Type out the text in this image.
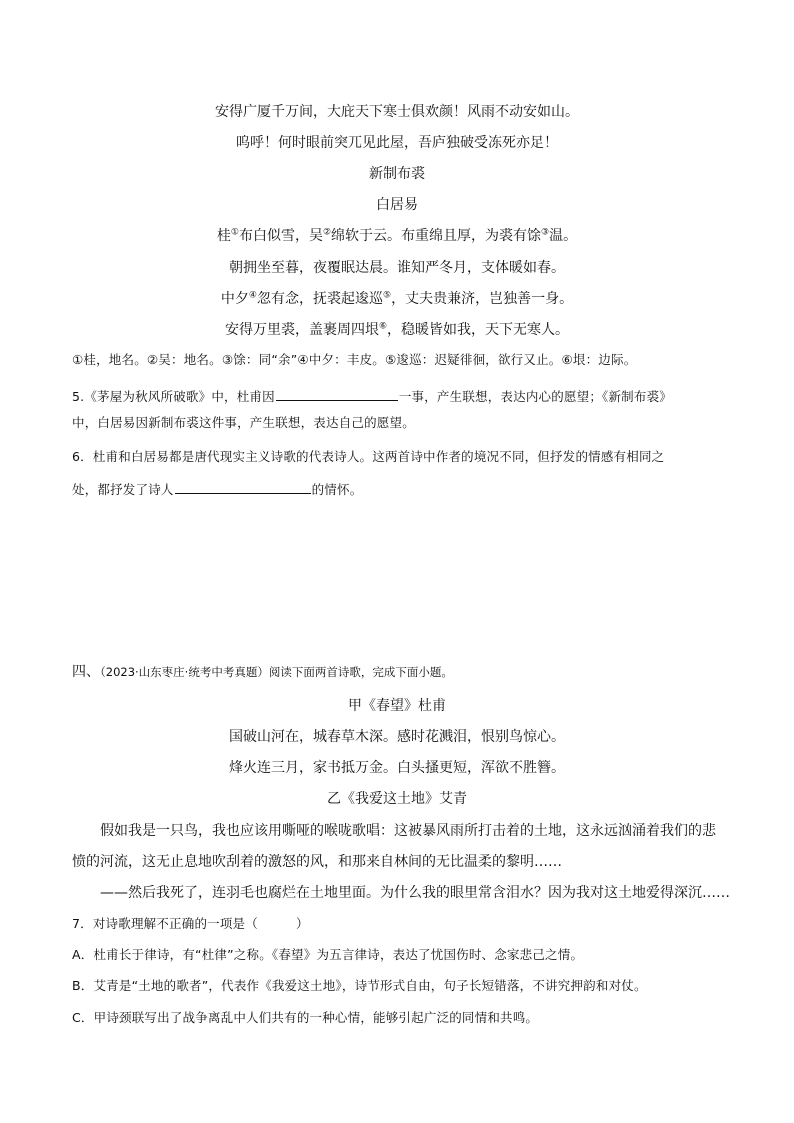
安得广厦千万间，大庇天下寒士俱欢颜！风雨不动安如山。
呜呼！何时眼前突兀见此屋，吾庐独破受冻死亦足！
新制布裘
白居易
桂①布白似雪，吴②绵软于云。布重绵且厚，为裘有馀③温。
朝拥坐至暮，夜覆眠达晨。谁知严冬月，支体暖如春。
中夕④忽有念，抚裘起逡巡⑤，丈夫贵兼济，岂独善一身。
安得万里裘，盖裹周四垠⑥，稳暖皆如我，天下无寒人。
①桂，地名。②吴：地名。③馀：同“余”④中夕：丰皮。⑤逡巡：迟疑徘徊，欲行又止。⑥垠：边际。
5.《茅屋为秋风所破歌》中，杜甫因	一事，产生联想，表达内心的愿望；《新制布裘》
中，白居易因新制布裘这件事，产生联想，表达自己的愿望。
6．杜甫和白居易都是唐代现实主义诗歌的代表诗人。这两首诗中作者的境况不同，但抒发的情感有相同之
处，都抒发了诗人	的情怀。
四、（2023·山东枣庄·统考中考真题）阅读下面两首诗歌，完成下面小题。
甲《春望》杜甫
国破山河在，城春草木深。感时花溅泪，恨别鸟惊心。
烽火连三月，家书抵万金。白头搔更短，浑欲不胜簪。
乙《我爱这土地》艾青
假如我是一只鸟，我也应该用嘶哑的喉咙歌唱：这被暴风雨所打击着的土地，这永远汹涌着我们的悲
愤的河流，这无止息地吹刮着的激怒的风，和那来自林间的无比温柔的黎明……
——然后我死了，连羽毛也腐烂在土地里面。为什么我的眼里常含泪水？因为我对这土地爱得深沉……
7．对诗歌理解不正确的一项是（　　　）
A．杜甫长于律诗，有“杜律”之称。《春望》为五言律诗，表达了忧国伤时、念家悲己之情。
B．艾青是“土地的歌者”，代表作《我爱这土地》，诗节形式自由，句子长短错落，不讲究押韵和对仗。
C．甲诗颈联写出了战争离乱中人们共有的一种心情，能够引起广泛的同情和共鸣。
